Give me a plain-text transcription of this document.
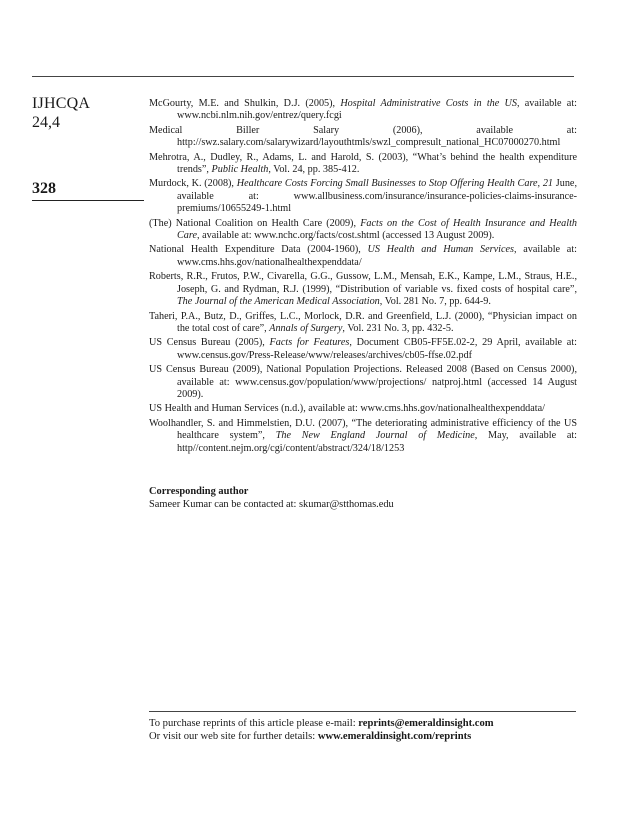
IJHCQA
24,4
328
McGourty, M.E. and Shulkin, D.J. (2005), Hospital Administrative Costs in the US, available at: www.ncbi.nlm.nih.gov/entrez/query.fcgi
Medical Biller Salary (2006), available at: http://swz.salary.com/salarywizard/layouthtmls/swzl_compresult_national_HC07000270.html
Mehrotra, A., Dudley, R., Adams, L. and Harold, S. (2003), “What’s behind the health expenditure trends”, Public Health, Vol. 24, pp. 385-412.
Murdock, K. (2008), Healthcare Costs Forcing Small Businesses to Stop Offering Health Care, 21 June, available at: www.allbusiness.com/insurance/insurance-policies-claims-insurance-premiums/10655249-1.html
(The) National Coalition on Health Care (2009), Facts on the Cost of Health Insurance and Health Care, available at: www.nchc.org/facts/cost.shtml (accessed 13 August 2009).
National Health Expenditure Data (2004-1960), US Health and Human Services, available at: www.cms.hhs.gov/nationalhealthexpenddata/
Roberts, R.R., Frutos, P.W., Civarella, G.G., Gussow, L.M., Mensah, E.K., Kampe, L.M., Straus, H.E., Joseph, G. and Rydman, R.J. (1999), “Distribution of variable vs. fixed costs of hospital care”, The Journal of the American Medical Association, Vol. 281 No. 7, pp. 644-9.
Taheri, P.A., Butz, D., Griffes, L.C., Morlock, D.R. and Greenfield, L.J. (2000), “Physician impact on the total cost of care”, Annals of Surgery, Vol. 231 No. 3, pp. 432-5.
US Census Bureau (2005), Facts for Features, Document CB05-FF5E.02-2, 29 April, available at: www.census.gov/Press-Release/www/releases/archives/cb05-ffse.02.pdf
US Census Bureau (2009), National Population Projections. Released 2008 (Based on Census 2000), available at: www.census.gov/population/www/projections/ natproj.html (accessed 14 August 2009).
US Health and Human Services (n.d.), available at: www.cms.hhs.gov/nationalhealthexpenddata/
Woolhandler, S. and Himmelstien, D.U. (2007), “The deteriorating administrative efficiency of the US healthcare system”, The New England Journal of Medicine, May, available at: http//content.nejm.org/cgi/content/abstract/324/18/1253
Corresponding author
Sameer Kumar can be contacted at: skumar@stthomas.edu
To purchase reprints of this article please e-mail: reprints@emeraldinsight.com
Or visit our web site for further details: www.emeraldinsight.com/reprints
